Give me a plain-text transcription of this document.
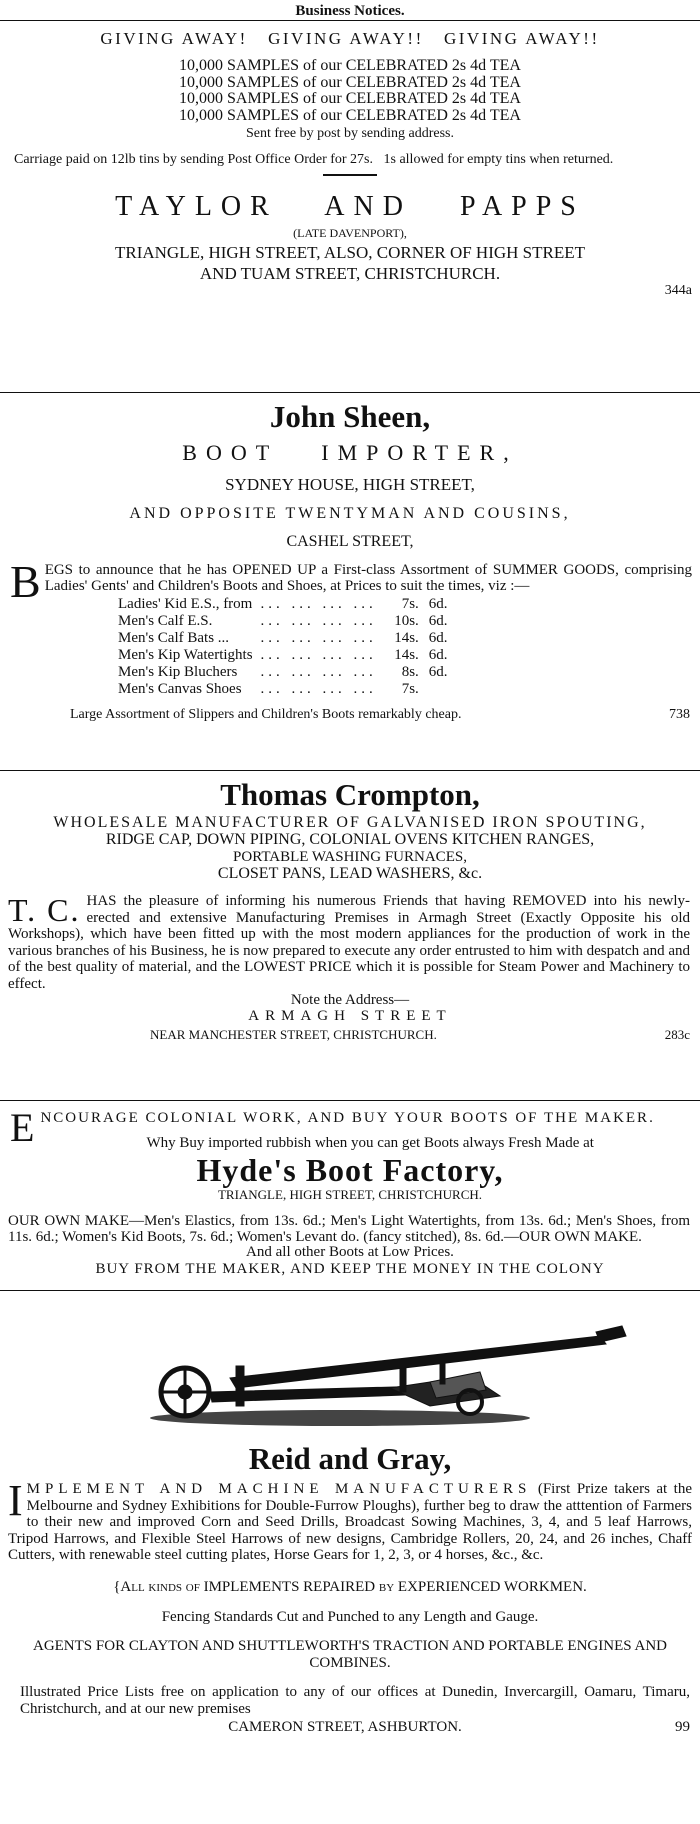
Business Notices.
GIVING AWAY!   GIVING AWAY!!   GIVING AWAY!!
10,000 SAMPLES of our CELEBRATED 2s 4d TEA
10,000 SAMPLES of our CELEBRATED 2s 4d TEA
10,000 SAMPLES of our CELEBRATED 2s 4d TEA
10,000 SAMPLES of our CELEBRATED 2s 4d TEA
Sent free by post by sending address.
Carriage paid on 12lb tins by sending Post Office Order for 27s.   1s allowed for empty tins when returned.
TAYLOR   AND   PAPPS
(LATE DAVENPORT),
TRIANGLE, HIGH STREET, ALSO, CORNER OF HIGH STREET
AND TUAM STREET, CHRISTCHURCH.
344a
John Sheen,
BOOT   IMPORTER,
SYDNEY HOUSE, HIGH STREET,
AND OPPOSITE TWENTYMAN AND COUSINS,
CASHEL STREET,
B EGS to announce that he has OPENED UP a First-class Assortment of SUMMER GOODS, comprising Ladies' Gents' and Children's Boots and Shoes, at Prices to suit the times, viz :—
Ladies' Kid E.S., from	... ... ... ...	7s.	6d.
Men's Calf E.S.	... ... ... ...	10s.	6d.
Men's Calf Bats ...	... ... ... ...	14s.	6d.
Men's Kip Watertights	... ... ... ...	14s.	6d.
Men's Kip Bluchers	... ... ... ...	8s.	6d.
Men's Canvas Shoes	... ... ... ...	7s.	
Large Assortment of Slippers and Children's Boots remarkably cheap.	738
Thomas Crompton,
WHOLESALE MANUFACTURER OF GALVANISED IRON SPOUTING,
RIDGE CAP, DOWN PIPING, COLONIAL OVENS KITCHEN RANGES,
PORTABLE WASHING FURNACES,
CLOSET PANS, LEAD WASHERS, &c.
T. C. HAS the pleasure of informing his numerous Friends that having REMOVED into his newly-erected and extensive Manufacturing Premises in Armagh Street (Exactly Opposite his old Workshops), which have been fitted up with the most modern appliances for the production of work in the various branches of his Business, he is now prepared to execute any order entrusted to him with despatch and and of the best quality of material, and the LOWEST PRICE which it is possible for Steam Power and Machinery to effect.
Note the Address—
ARMAGH STREET
NEAR MANCHESTER STREET, CHRISTCHURCH.	283c
E NCOURAGE COLONIAL WORK, AND BUY YOUR BOOTS OF THE MAKER.
Why Buy imported rubbish when you can get Boots always Fresh Made at
Hyde's Boot Factory,
TRIANGLE, HIGH STREET, CHRISTCHURCH.
OUR OWN MAKE—Men's Elastics, from 13s. 6d.; Men's Light Watertights, from 13s. 6d.; Men's Shoes, from 11s. 6d.; Women's Kid Boots, 7s. 6d.; Women's Levant do. (fancy stitched), 8s. 6d.—OUR OWN MAKE.
And all other Boots at Low Prices.
BUY FROM THE MAKER, AND KEEP THE MONEY IN THE COLONY
Reid and Gray,
I MPLEMENT AND MACHINE MANUFACTURERS (First Prize takers at the Melbourne and Sydney Exhibitions for Double-Furrow Ploughs), further beg to draw the atttention of Farmers to their new and improved Corn and Seed Drills, Broadcast Sowing Machines, 3, 4, and 5 leaf Harrows, Tripod Harrows, and Flexible Steel Harrows of new designs, Cambridge Rollers, 20, 24, and 26 inches, Chaff Cutters, with renewable steel cutting plates, Horse Gears for 1, 2, 3, or 4 horses, &c., &c.
{All kinds of IMPLEMENTS REPAIRED by EXPERIENCED WORKMEN.
Fencing Standards Cut and Punched to any Length and Gauge.
AGENTS FOR CLAYTON AND SHUTTLEWORTH'S TRACTION AND PORTABLE ENGINES AND COMBINES.
Illustrated Price Lists free on application to any of our offices at Dunedin, Invercargill, Oamaru, Timaru, Christchurch, and at our new premises
CAMERON STREET, ASHBURTON.	99
